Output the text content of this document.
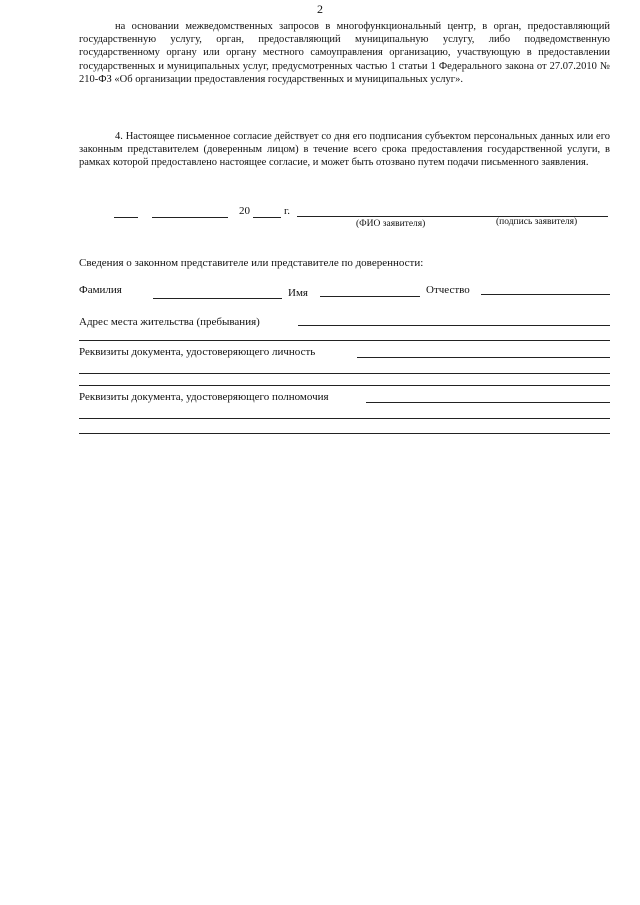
2

на основании межведомственных запросов в многофункциональный центр, в орган, предоставляющий государственную услугу, орган, предоставляющий муниципальную услугу, либо подведомственную государственному органу или органу местного самоуправления организацию, участвующую в предоставлении государственных и муниципальных услуг, предусмотренных частью 1 статьи 1 Федерального закона от 27.07.2010 № 210-ФЗ «Об организации предоставления государственных и муниципальных услуг».

4. Настоящее письменное согласие действует со дня его подписания субъектом персональных данных или его законным представителем (доверенным лицом) в течение всего срока предоставления государственной услуги, в рамках которой предоставлено настоящее согласие, и может быть отозвано путем подачи письменного заявления.

20	г.
(ФИО заявителя)	(подпись заявителя)
Сведения о законном представителе или представителе по доверенности:
Фамилия	Имя	Отчество
Адрес места жительства (пребывания)
Реквизиты документа, удостоверяющего личность
Реквизиты документа, удостоверяющего полномочия
